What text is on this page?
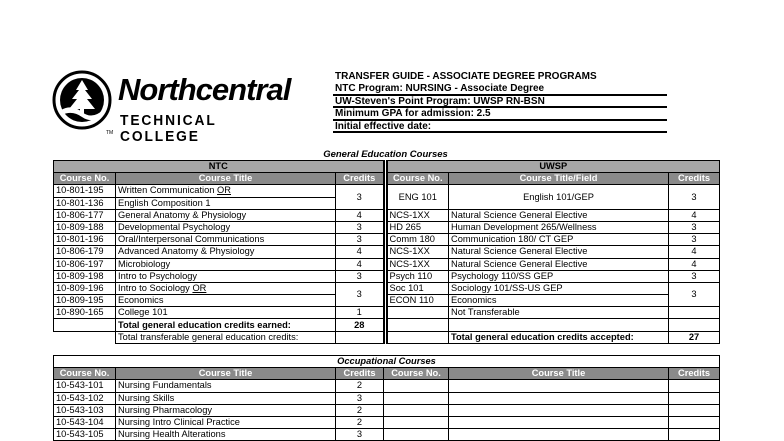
Northcentral
TECHNICAL COLLEGE
TM
TRANSFER GUIDE - ASSOCIATE DEGREE PROGRAMS
NTC Program: NURSING - Associate Degree
UW-Steven's Point Program: UWSP RN-BSN
Minimum GPA for admission: 2.5
Initial effective date:
General Education Courses
NTC				UWSP		
Course No.	Course Title	Credits		Course No.	Course Title/Field	Credits
10-801-195	Written Communication OR	3		ENG 101	English 101/GEP	3
10-801-136	English Composition 1					
10-806-177	General Anatomy & Physiology	4		NCS-1XX	Natural Science General Elective	4
10-809-188	Developmental Psychology	3		HD 265	Human Development 265/Wellness	3
10-801-196	Oral/Interpersonal Communications	3		Comm 180	Communication 180/ CT GEP	3
10-806-179	Advanced Anatomy & Physiology	4		NCS-1XX	Natural Science General Elective	4
10-806-197	Microbiology	4		NCS-1XX	Natural Science General Elective	4
10-809-198	Intro to Psychology	3		Psych 110	Psychology 110/SS GEP	3
10-809-196	Intro to Sociology OR	3		Soc 101	Sociology 101/SS-US GEP	3
10-809-195	Economics			ECON 110	Economics	
10-890-165	College 101	1			Not Transferable	
	Total general education credits earned:	28				
	Total transferable general education credits:				Total general education credits accepted:	27
Occupational Courses					
Course No.	Course Title	Credits	Course No.	Course Title	Credits
10-543-101	Nursing Fundamentals	2			
10-543-102	Nursing Skills	3			
10-543-103	Nursing Pharmacology	2			
10-543-104	Nursing Intro Clinical Practice	2			
10-543-105	Nursing Health Alterations	3			
